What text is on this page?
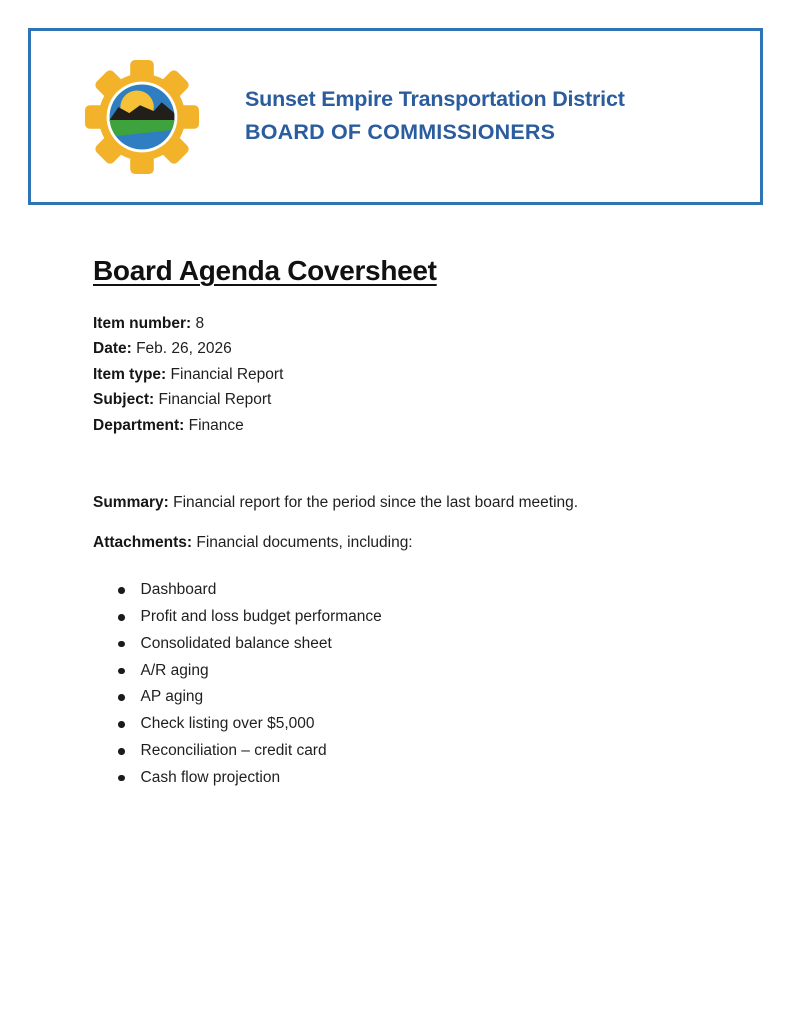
Sunset Empire Transportation District
BOARD OF COMMISSIONERS
Board Agenda Coversheet

Item number: 8

Date: Feb. 26, 2026

Item type: Financial Report

Subject: Financial Report

Department: Finance

Summary: Financial report for the period since the last board meeting.

Attachments: Financial documents, including:

Dashboard
Profit and loss budget performance
Consolidated balance sheet
A/R aging
AP aging
Check listing over $5,000
Reconciliation – credit card
Cash flow projection
